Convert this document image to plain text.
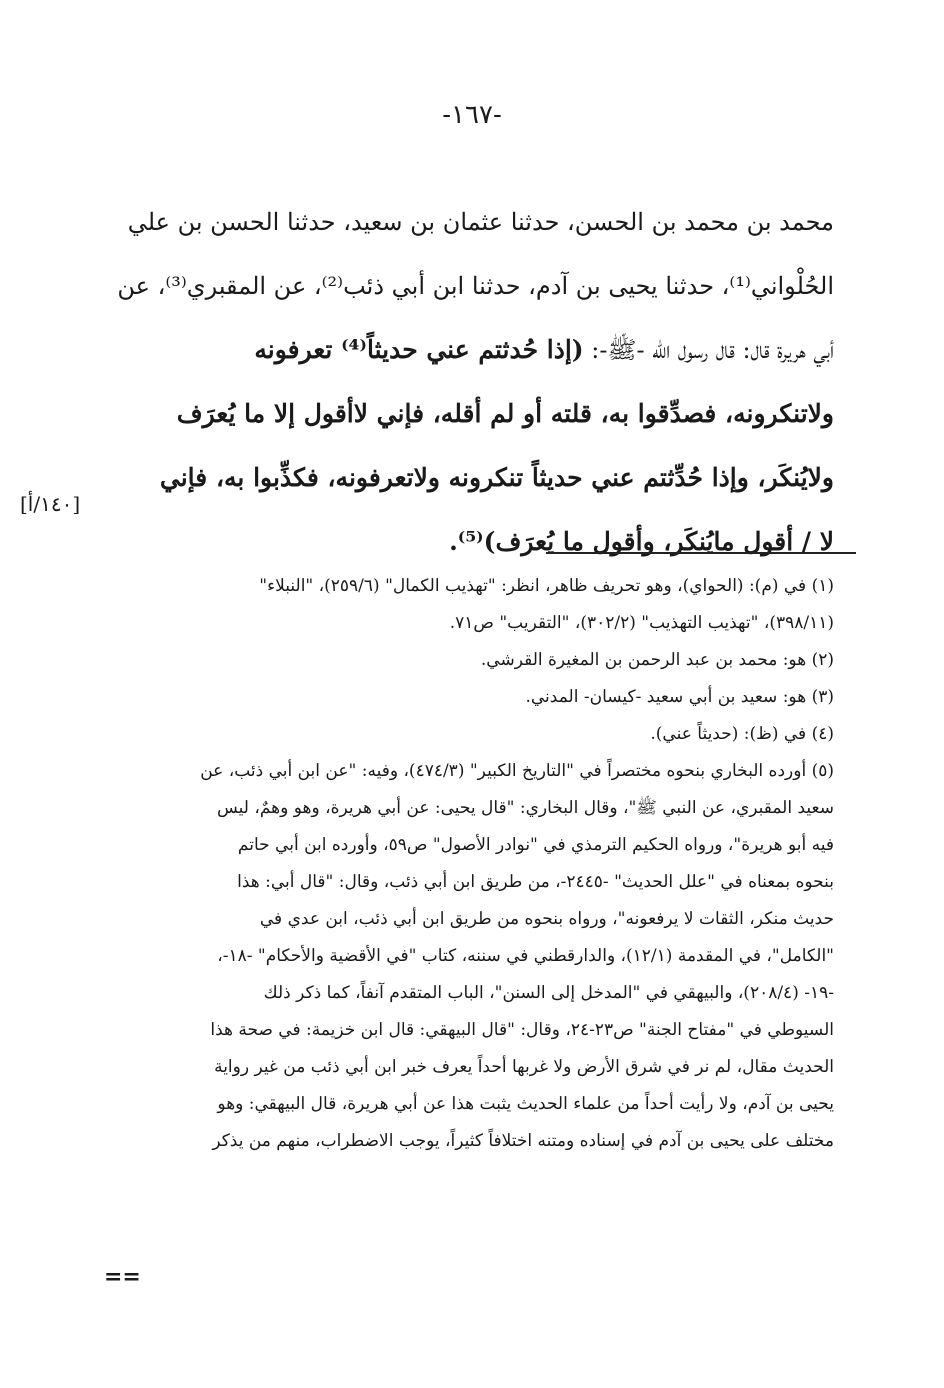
-١٦٧-
محمد بن محمد بن الحسن، حدثنا عثمان بن سعيد، حدثنا الحسن بن علي
الحُلْواني⁽¹⁾، حدثنا يحيى بن آدم، حدثنا ابن أبي ذئب⁽²⁾، عن المقبري⁽³⁾، عن
أبي هريرة قال: قال رسول الله -ﷺ-: (إذا حُدثتم عني حديثاً⁽⁴⁾ تعرفونه
ولاتنكرونه، فصدِّقوا به، قلته أو لم أقله، فإني لاأقول إلا ما يُعرَف
ولايُنكَر، وإذا حُدِّثتم عني حديثاً تنكرونه ولاتعرفونه، فكذِّبوا به، فإني
لا / أقول مايُنكَر، وأقول ما يُعرَف)⁽⁵⁾.
[١٤٠/أ]
(١) في (م): (الحواي)، وهو تحريف ظاهر، انظر: "تهذيب الكمال" (٢٥٩/٦)، "النبلاء"
(٣٩٨/١١)، "تهذيب التهذيب" (٣٠٢/٢)، "التقريب" ص٧١.
(٢) هو: محمد بن عبد الرحمن بن المغيرة القرشي.
(٣) هو: سعيد بن أبي سعيد -كيسان- المدني.
(٤) في (ظ): (حديثاً عني).
(٥) أورده البخاري بنحوه مختصراً في "التاريخ الكبير" (٤٧٤/٣)، وفيه: "عن ابن أبي ذئب، عن
سعيد المقبري، عن النبي ﷺ"، وقال البخاري: "قال يحيى: عن أبي هريرة، وهو وهمٌ، ليس
فيه أبو هريرة"، ورواه الحكيم الترمذي في "نوادر الأصول" ص٥٩، وأورده ابن أبي حاتم
بنحوه بمعناه في "علل الحديث" -٢٤٤٥-، من طريق ابن أبي ذئب، وقال: "قال أبي: هذا
حديث منكر، الثقات لا يرفعونه"، ورواه بنحوه من طريق ابن أبي ذئب، ابن عدي في
"الكامل"، في المقدمة (١٢/١)، والدارقطني في سننه، كتاب "في الأقضية والأحكام" -١٨-،
-١٩- (٢٠٨/٤)، والبيهقي في "المدخل إلى السنن"، الباب المتقدم آنفاً، كما ذكر ذلك
السيوطي في "مفتاح الجنة" ص٢٣-٢٤، وقال: "قال البيهقي: قال ابن خزيمة: في صحة هذا
الحديث مقال، لم نر في شرق الأرض ولا غربها أحداً يعرف خبر ابن أبي ذئب من غير رواية
يحيى بن آدم، ولا رأيت أحداً من علماء الحديث يثبت هذا عن أبي هريرة، قال البيهقي: وهو
مختلف على يحيى بن آدم في إسناده ومتنه اختلافاً كثيراً، يوجب الاضطراب، منهم من يذكر
==
